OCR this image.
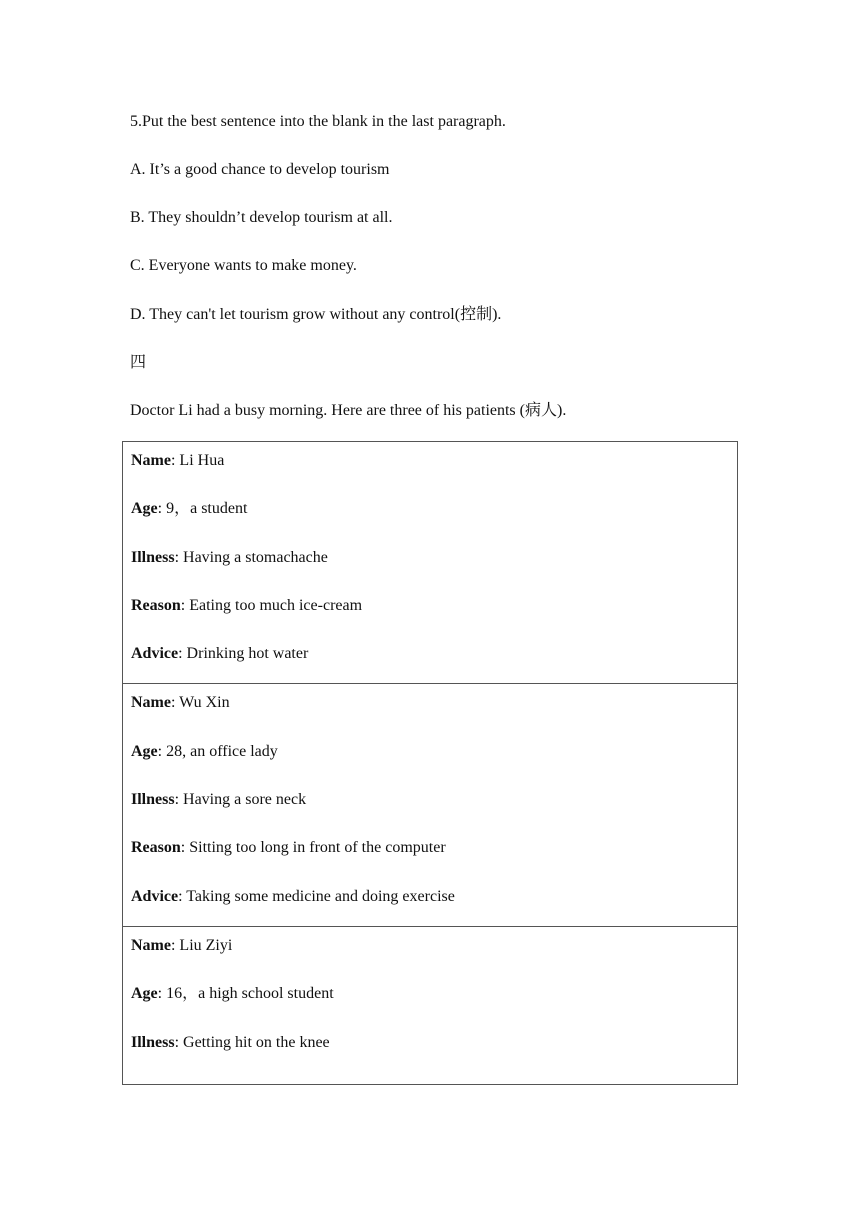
5.Put the best sentence into the blank in the last paragraph.
A. It’s a good chance to develop tourism
B. They shouldn’t develop tourism at all.
C. Everyone wants to make money.
D. They can't let tourism grow without any control(控制).
四
Doctor Li had a busy morning. Here are three of his patients (病人).
Name: Li Hua
Age: 9，a student
Illness: Having a stomachache
Reason: Eating too much ice-cream
Advice: Drinking hot water

Name: Wu Xin
Age: 28, an office lady
Illness: Having a sore neck
Reason: Sitting too long in front of the computer
Advice: Taking some medicine and doing exercise

Name: Liu Ziyi
Age: 16，a high school student
Illness: Getting hit on the knee
